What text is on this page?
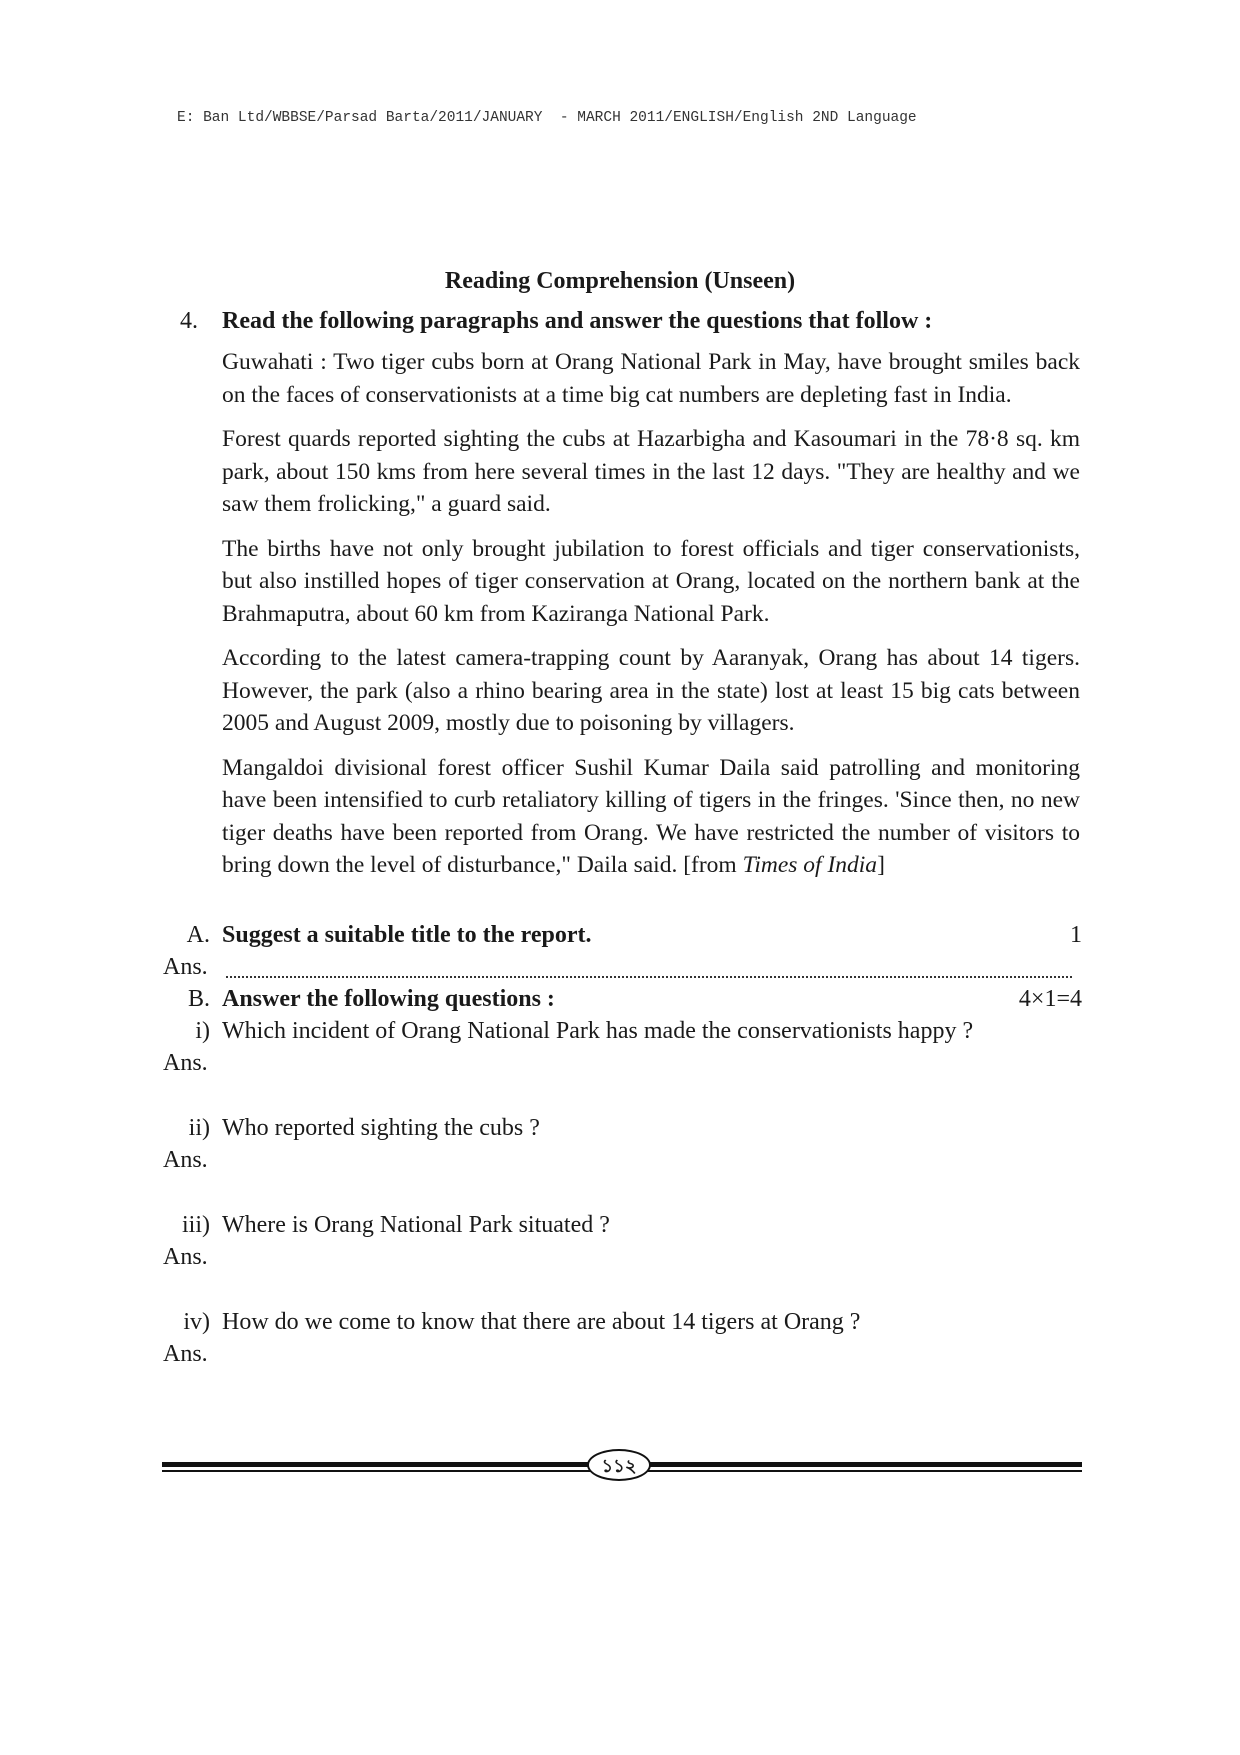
E: Ban Ltd/WBBSE/Parsad Barta/2011/JANUARY  - MARCH 2011/ENGLISH/English 2ND Language
Reading Comprehension (Unseen)
4. Read the following paragraphs and answer the questions that follow :

Guwahati : Two tiger cubs born at Orang National Park in May, have brought smiles back on the faces of conservationists at a time big cat numbers are depleting fast in India.

Forest quards reported sighting the cubs at Hazarbigha and Kasoumari in the 78·8 sq. km park, about 150 kms from here several times in the last 12 days. "They are healthy and we saw them frolicking," a guard said.

The births have not only brought jubilation to forest officials and tiger conservationists, but also instilled hopes of tiger conservation at Orang, located on the northern bank at the Brahmaputra, about 60 km from Kaziranga National Park.

According to the latest camera-trapping count by Aaranyak, Orang has about 14 tigers. However, the park (also a rhino bearing area in the state) lost at least 15 big cats between 2005 and August 2009, mostly due to poisoning by villagers.

Mangaldoi divisional forest officer Sushil Kumar Daila said patrolling and monitoring have been intensified to curb retaliatory killing of tigers in the fringes. 'Since then, no new tiger deaths have been reported from Orang. We have restricted the number of visitors to bring down the level of disturbance," Daila said. [from Times of India]

A. Suggest a suitable title to the report.	1
Ans.
B. Answer the following questions :	4×1=4
i) Which incident of Orang National Park has made the conservationists happy ?
Ans.
ii) Who reported sighting the cubs ?
Ans.
iii) Where is Orang National Park situated ?
Ans.
iv) How do we come to know that there are about 14 tigers at Orang ?
Ans.
১১২
